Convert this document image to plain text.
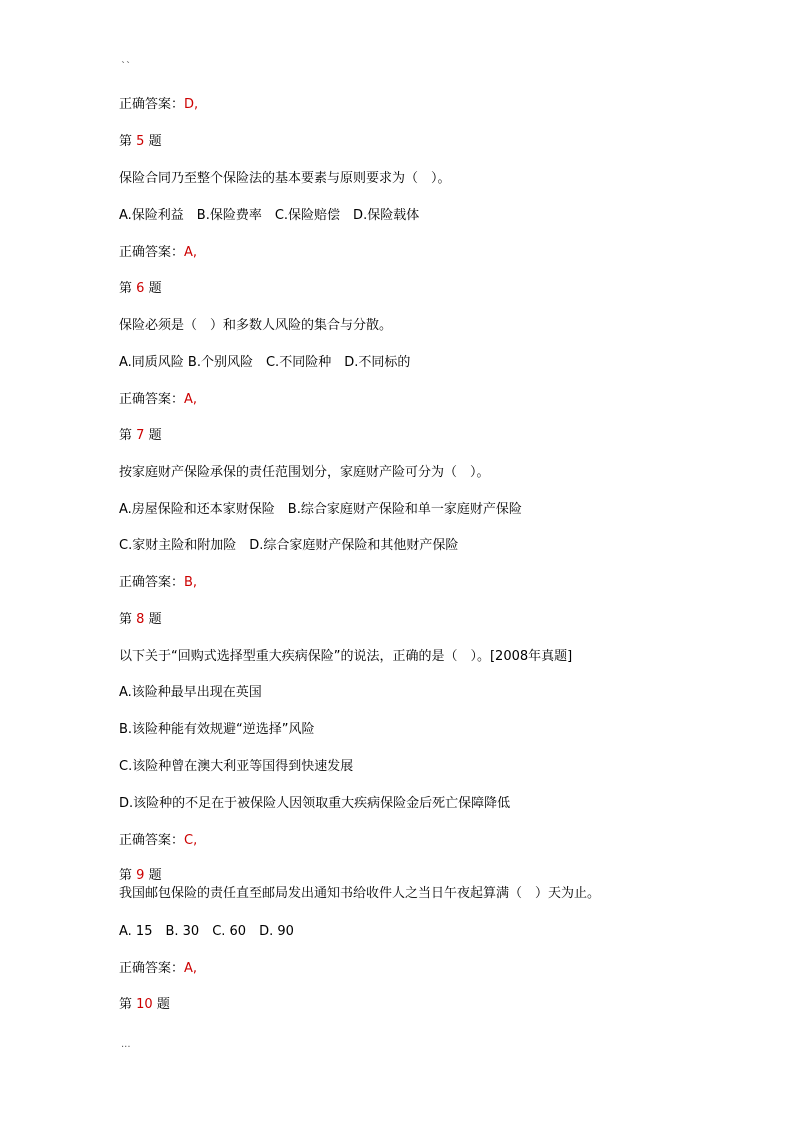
``
正确答案：D,
第 5 题
保险合同乃至整个保险法的基本要素与原则要求为（　）。
A.保险利益　B.保险费率　C.保险赔偿　D.保险载体
正确答案：A,
第 6 题
保险必须是（　）和多数人风险的集合与分散。
A.同质风险 B.个别风险　C.不同险种　D.不同标的
正确答案：A,
第 7 题
按家庭财产保险承保的责任范围划分，家庭财产险可分为（　）。
A.房屋保险和还本家财保险　B.综合家庭财产保险和单一家庭财产保险
C.家财主险和附加险　D.综合家庭财产保险和其他财产保险
正确答案：B,
第 8 题
以下关于“回购式选择型重大疾病保险”的说法，正确的是（　）。[2008年真题]
A.该险种最早出现在英国
B.该险种能有效规避“逆选择”风险
C.该险种曾在澳大利亚等国得到快速发展
D.该险种的不足在于被保险人因领取重大疾病保险金后死亡保障降低
正确答案：C,
第 9 题
我国邮包保险的责任直至邮局发出通知书给收件人之当日午夜起算满（　）天为止。
A. 15　B. 30　C. 60　D. 90
正确答案：A,
第 10 题
...
